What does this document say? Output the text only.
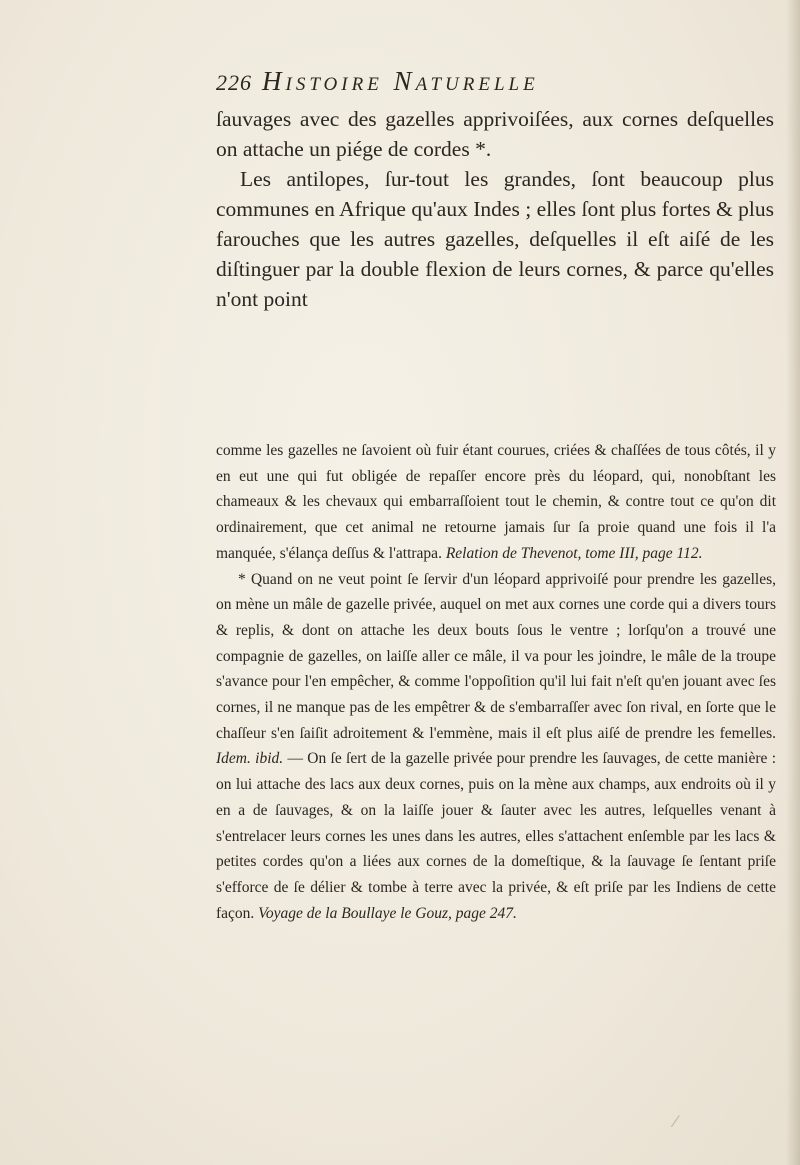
226 Histoire Naturelle

ſauvages avec des gazelles apprivoiſées, aux cornes deſquelles on attache un piége de cordes *.

Les antilopes, ſur-tout les grandes, ſont beaucoup plus communes en Afrique qu'aux Indes ; elles ſont plus fortes & plus farouches que les autres gazelles, deſquelles il eſt aiſé de les diſtinguer par la double flexion de leurs cornes, & parce qu'elles n'ont point

comme les gazelles ne ſavoient où fuir étant courues, criées & chaſſées de tous côtés, il y en eut une qui fut obligée de repaſſer encore près du léopard, qui, nonobſtant les chameaux & les chevaux qui embarraſſoient tout le chemin, & contre tout ce qu'on dit ordinairement, que cet animal ne retourne jamais ſur ſa proie quand une fois il l'a manquée, s'élança deſſus & l'attrapa. Relation de Thevenot, tome III, page 112.

* Quand on ne veut point ſe ſervir d'un léopard apprivoiſé pour prendre les gazelles, on mène un mâle de gazelle privée, auquel on met aux cornes une corde qui a divers tours & replis, & dont on attache les deux bouts ſous le ventre ; lorſqu'on a trouvé une compagnie de gazelles, on laiſſe aller ce mâle, il va pour les joindre, le mâle de la troupe s'avance pour l'en empêcher, & comme l'oppoſition qu'il lui fait n'eſt qu'en jouant avec ſes cornes, il ne manque pas de les empêtrer & de s'embarraſſer avec ſon rival, en ſorte que le chaſſeur s'en ſaiſit adroitement & l'emmène, mais il eſt plus aiſé de prendre les femelles. Idem. ibid. — On ſe ſert de la gazelle privée pour prendre les ſauvages, de cette manière : on lui attache des lacs aux deux cornes, puis on la mène aux champs, aux endroits où il y en a de ſauvages, & on la laiſſe jouer & ſauter avec les autres, leſquelles venant à s'entrelacer leurs cornes les unes dans les autres, elles s'attachent enſemble par les lacs & petites cordes qu'on a liées aux cornes de la domeſtique, & la ſauvage ſe ſentant priſe s'efforce de ſe délier & tombe à terre avec la privée, & eſt priſe par les Indiens de cette façon. Voyage de la Boullaye le Gouz, page 247.
